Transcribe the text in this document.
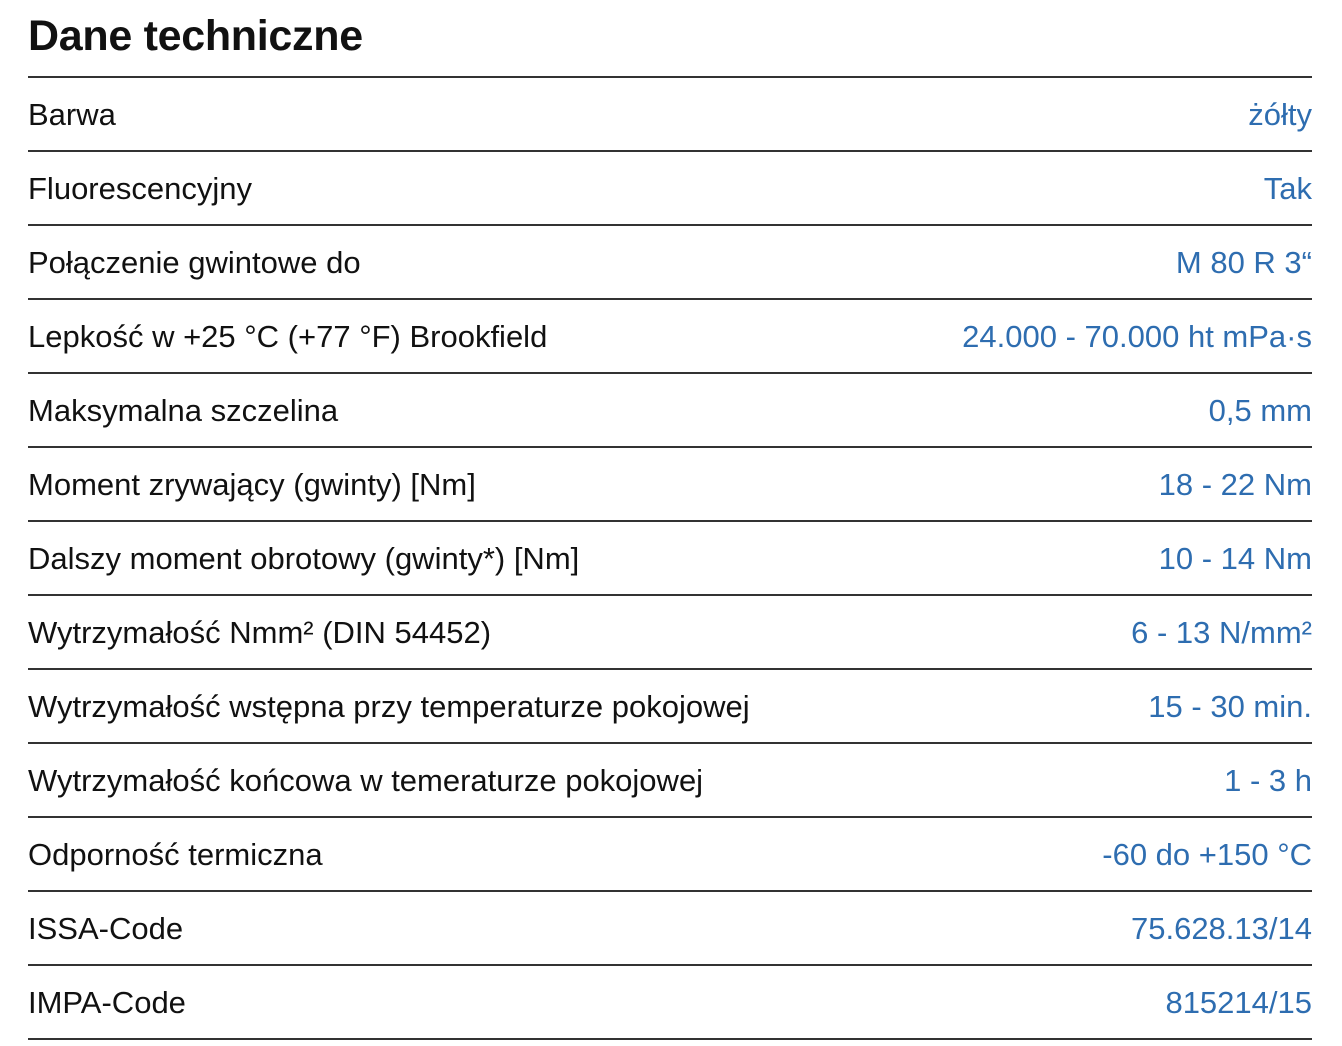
Dane techniczne
Barwa	żółty
Fluorescencyjny	Tak
Połączenie gwintowe do	M 80 R 3“
Lepkość w +25 °C (+77 °F) Brookfield	24.000 - 70.000 ht mPa·s
Maksymalna szczelina	0,5 mm
Moment zrywający (gwinty) [Nm]	18 - 22 Nm
Dalszy moment obrotowy (gwinty*) [Nm]	10 - 14 Nm
Wytrzymałość Nmm² (DIN 54452)	6 - 13 N/mm²
Wytrzymałość wstępna przy temperaturze pokojowej	15 - 30 min.
Wytrzymałość końcowa w temeraturze pokojowej	1 - 3 h
Odporność termiczna	-60 do +150 °C
ISSA-Code	75.628.13/14
IMPA-Code	815214/15
